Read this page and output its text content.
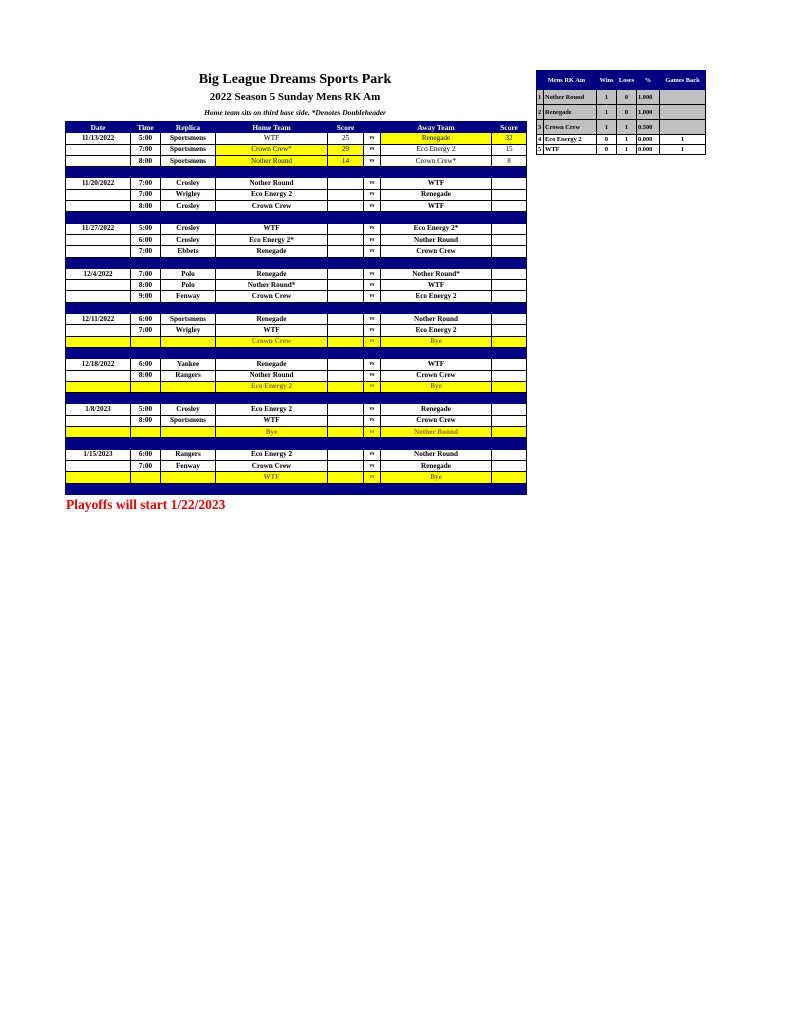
Big League Dreams Sports Park
2022 Season 5 Sunday Mens RK Am
Home team sits on third base side. *Denotes Doubleheader
Date	Time	Replica	Home Team	Score		Away Team	Score
11/13/2022	5:00	Sportsmens	WTF	25	vs	Renegade	32
	7:00	Sportsmens	Crown Crew*	29	vs	Eco Energy 2	15
	8:00	Sportsmens	Nother Round	14	vs	Crown Crew*	8

11/20/2022	7:00	Crosley	Nother Round		vs	WTF	
	7:00	Wrigley	Eco Energy 2		vs	Renegade	
	8:00	Crosley	Crown Crew		vs	WTF	

11/27/2022	5:00	Crosley	WTF		vs	Eco Energy 2*	
	6:00	Crosley	Eco Energy 2*		vs	Nother Round	
	7:00	Ebbets	Renegade		vs	Crown Crew	

12/4/2022	7:00	Polo	Renegade		vs	Nother Round*	
	8:00	Polo	Nother Round*		vs	WTF	
	9:00	Fenway	Crown Crew		vs	Eco Energy 2	

12/11/2022	6:00	Sportsmens	Renegade		vs	Nother Round	
	7:00	Wrigley	WTF		vs	Eco Energy 2	
			Crown Crew		vs	Bye	

12/18/2022	6:00	Yankee	Renegade		vs	WTF	
	8:00	Rangers	Nother Round		vs	Crown Crew	
			Eco Energy 2		vs	Bye	

1/8/2023	5:00	Crosley	Eco Energy 2		vs	Renegade	
	8:00	Sportsmens	WTF		vs	Crown Crew	
			Bye		vs	Nother Round	

1/15/2023	6:00	Rangers	Eco Energy 2		vs	Nother Round	
	7:00	Fenway	Crown Crew		vs	Renegade	
			WTF		vs	Bye	

Mens RK Am		Wins	Loses	%	Games Back
1	Nother Round	1	0	1.000	
2	Renegade	1	0	1.000	
3	Crown Crew	1	1	0.500	
4	Eco Energy 2	0	1	0.000	1
5	WTF	0	1	0.000	1
Playoffs will start 1/22/2023
